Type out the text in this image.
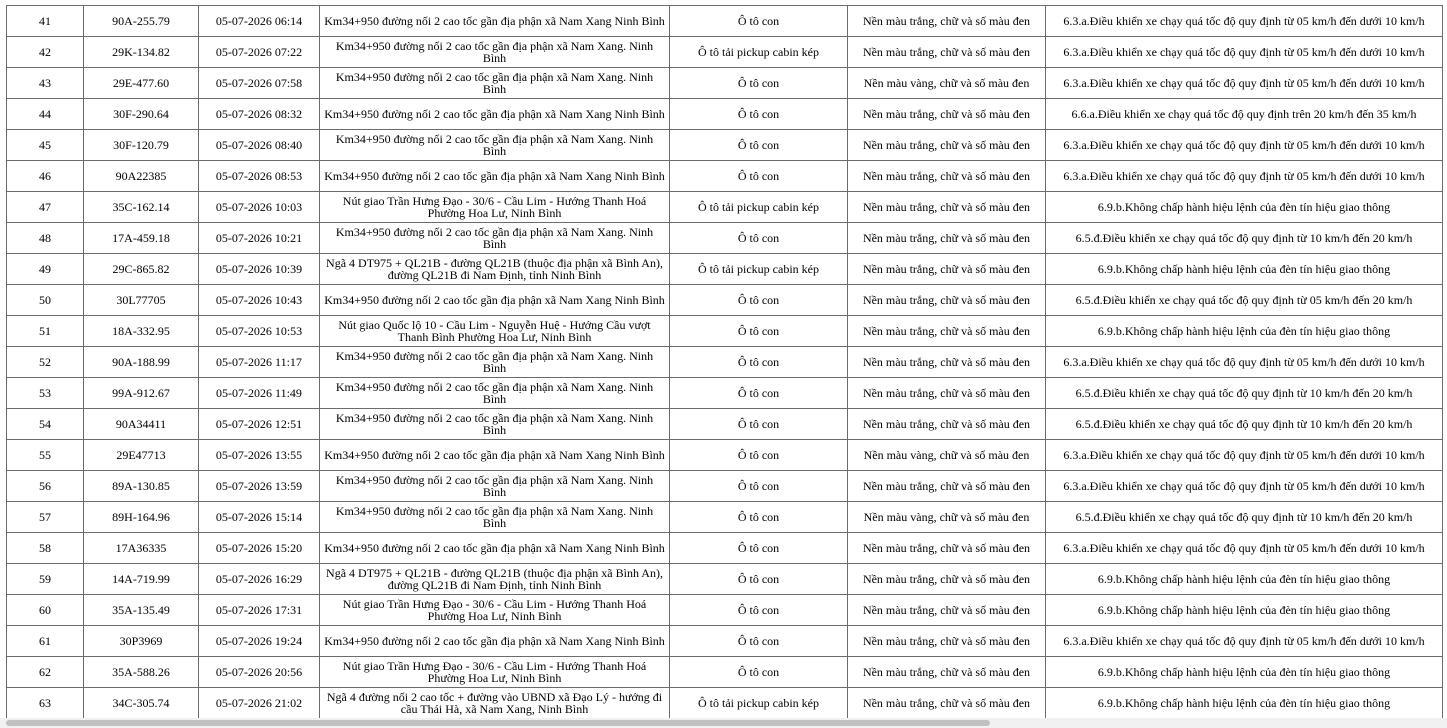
41	90A-255.79	05-07-2026 06:14	Km34+950 đường nối 2 cao tốc gần địa phận xã Nam Xang Ninh Bình	Ô tô con	Nền màu trắng, chữ và số màu đen	6.3.a.Điều khiển xe chạy quá tốc độ quy định từ 05 km/h đến dưới 10 km/h
42	29K-134.82	05-07-2026 07:22	Km34+950 đường nối 2 cao tốc gần địa phận xã Nam Xang. Ninh Bình	Ô tô tải pickup cabin kép	Nền màu trắng, chữ và số màu đen	6.3.a.Điều khiển xe chạy quá tốc độ quy định từ 05 km/h đến dưới 10 km/h
43	29E-477.60	05-07-2026 07:58	Km34+950 đường nối 2 cao tốc gần địa phận xã Nam Xang. Ninh Bình	Ô tô con	Nền màu vàng, chữ và số màu đen	6.3.a.Điều khiển xe chạy quá tốc độ quy định từ 05 km/h đến dưới 10 km/h
44	30F-290.64	05-07-2026 08:32	Km34+950 đường nối 2 cao tốc gần địa phận xã Nam Xang Ninh Bình	Ô tô con	Nền màu trắng, chữ và số màu đen	6.6.a.Điều khiển xe chạy quá tốc độ quy định trên 20 km/h đến 35 km/h
45	30F-120.79	05-07-2026 08:40	Km34+950 đường nối 2 cao tốc gần địa phận xã Nam Xang. Ninh Bình	Ô tô con	Nền màu trắng, chữ và số màu đen	6.3.a.Điều khiển xe chạy quá tốc độ quy định từ 05 km/h đến dưới 10 km/h
46	90A22385	05-07-2026 08:53	Km34+950 đường nối 2 cao tốc gần địa phận xã Nam Xang Ninh Bình	Ô tô con	Nền màu trắng, chữ và số màu đen	6.3.a.Điều khiển xe chạy quá tốc độ quy định từ 05 km/h đến dưới 10 km/h
47	35C-162.14	05-07-2026 10:03	Nút giao Trần Hưng Đạo - 30/6 - Cầu Lim - Hướng Thanh Hoá Phường Hoa Lư, Ninh Bình	Ô tô tải pickup cabin kép	Nền màu trắng, chữ và số màu đen	6.9.b.Không chấp hành hiệu lệnh của đèn tín hiệu giao thông
48	17A-459.18	05-07-2026 10:21	Km34+950 đường nối 2 cao tốc gần địa phận xã Nam Xang. Ninh Bình	Ô tô con	Nền màu trắng, chữ và số màu đen	6.5.đ.Điều khiển xe chạy quá tốc độ quy định từ 10 km/h đến 20 km/h
49	29C-865.82	05-07-2026 10:39	Ngã 4 DT975 + QL21B - đường QL21B (thuộc địa phận xã Bình An), đường QL21B đi Nam Định, tỉnh Ninh Bình	Ô tô tải pickup cabin kép	Nền màu trắng, chữ và số màu đen	6.9.b.Không chấp hành hiệu lệnh của đèn tín hiệu giao thông
50	30L77705	05-07-2026 10:43	Km34+950 đường nối 2 cao tốc gần địa phận xã Nam Xang Ninh Bình	Ô tô con	Nền màu trắng, chữ và số màu đen	6.5.đ.Điều khiển xe chạy quá tốc độ quy định từ 05 km/h đến 20 km/h
51	18A-332.95	05-07-2026 10:53	Nút giao Quốc lộ 10 - Cầu Lim - Nguyễn Huệ - Hướng Cầu vượt Thanh Bình Phường Hoa Lư, Ninh Bình	Ô tô con	Nền màu trắng, chữ và số màu đen	6.9.b.Không chấp hành hiệu lệnh của đèn tín hiệu giao thông
52	90A-188.99	05-07-2026 11:17	Km34+950 đường nối 2 cao tốc gần địa phận xã Nam Xang. Ninh Bình	Ô tô con	Nền màu trắng, chữ và số màu đen	6.3.a.Điều khiển xe chạy quá tốc độ quy định từ 05 km/h đến dưới 10 km/h
53	99A-912.67	05-07-2026 11:49	Km34+950 đường nối 2 cao tốc gần địa phận xã Nam Xang. Ninh Bình	Ô tô con	Nền màu trắng, chữ và số màu đen	6.5.đ.Điều khiển xe chạy quá tốc độ quy định từ 10 km/h đến 20 km/h
54	90A34411	05-07-2026 12:51	Km34+950 đường nối 2 cao tốc gần địa phận xã Nam Xang. Ninh Bình	Ô tô con	Nền màu trắng, chữ và số màu đen	6.5.đ.Điều khiển xe chạy quá tốc độ quy định từ 10 km/h đến 20 km/h
55	29E47713	05-07-2026 13:55	Km34+950 đường nối 2 cao tốc gần địa phận xã Nam Xang Ninh Bình	Ô tô con	Nền màu vàng, chữ và số màu đen	6.3.a.Điều khiển xe chạy quá tốc độ quy định từ 05 km/h đến dưới 10 km/h
56	89A-130.85	05-07-2026 13:59	Km34+950 đường nối 2 cao tốc gần địa phận xã Nam Xang. Ninh Bình	Ô tô con	Nền màu trắng, chữ và số màu đen	6.3.a.Điều khiển xe chạy quá tốc độ quy định từ 05 km/h đến dưới 10 km/h
57	89H-164.96	05-07-2026 15:14	Km34+950 đường nối 2 cao tốc gần địa phận xã Nam Xang. Ninh Bình	Ô tô con	Nền màu vàng, chữ và số màu đen	6.5.đ.Điều khiển xe chạy quá tốc độ quy định từ 10 km/h đến 20 km/h
58	17A36335	05-07-2026 15:20	Km34+950 đường nối 2 cao tốc gần địa phận xã Nam Xang Ninh Bình	Ô tô con	Nền màu trắng, chữ và số màu đen	6.3.a.Điều khiển xe chạy quá tốc độ quy định từ 05 km/h đến dưới 10 km/h
59	14A-719.99	05-07-2026 16:29	Ngã 4 DT975 + QL21B - đường QL21B (thuộc địa phận xã Bình An), đường QL21B đi Nam Định, tỉnh Ninh Bình	Ô tô con	Nền màu trắng, chữ và số màu đen	6.9.b.Không chấp hành hiệu lệnh của đèn tín hiệu giao thông
60	35A-135.49	05-07-2026 17:31	Nút giao Trần Hưng Đạo - 30/6 - Cầu Lim - Hướng Thanh Hoá Phường Hoa Lư, Ninh Bình	Ô tô con	Nền màu trắng, chữ và số màu đen	6.9.b.Không chấp hành hiệu lệnh của đèn tín hiệu giao thông
61	30P3969	05-07-2026 19:24	Km34+950 đường nối 2 cao tốc gần địa phận xã Nam Xang Ninh Bình	Ô tô con	Nền màu trắng, chữ và số màu đen	6.3.a.Điều khiển xe chạy quá tốc độ quy định từ 05 km/h đến dưới 10 km/h
62	35A-588.26	05-07-2026 20:56	Nút giao Trần Hưng Đạo - 30/6 - Cầu Lim - Hướng Thanh Hoá Phường Hoa Lư, Ninh Bình	Ô tô con	Nền màu trắng, chữ và số màu đen	6.9.b.Không chấp hành hiệu lệnh của đèn tín hiệu giao thông
63	34C-305.74	05-07-2026 21:02	Ngã 4 đường nối 2 cao tốc + đường vào UBND xã Đạo Lý - hướng đi cầu Thái Hà, xã Nam Xang, Ninh Bình	Ô tô tải pickup cabin kép	Nền màu trắng, chữ và số màu đen	6.9.b.Không chấp hành hiệu lệnh của đèn tín hiệu giao thông
